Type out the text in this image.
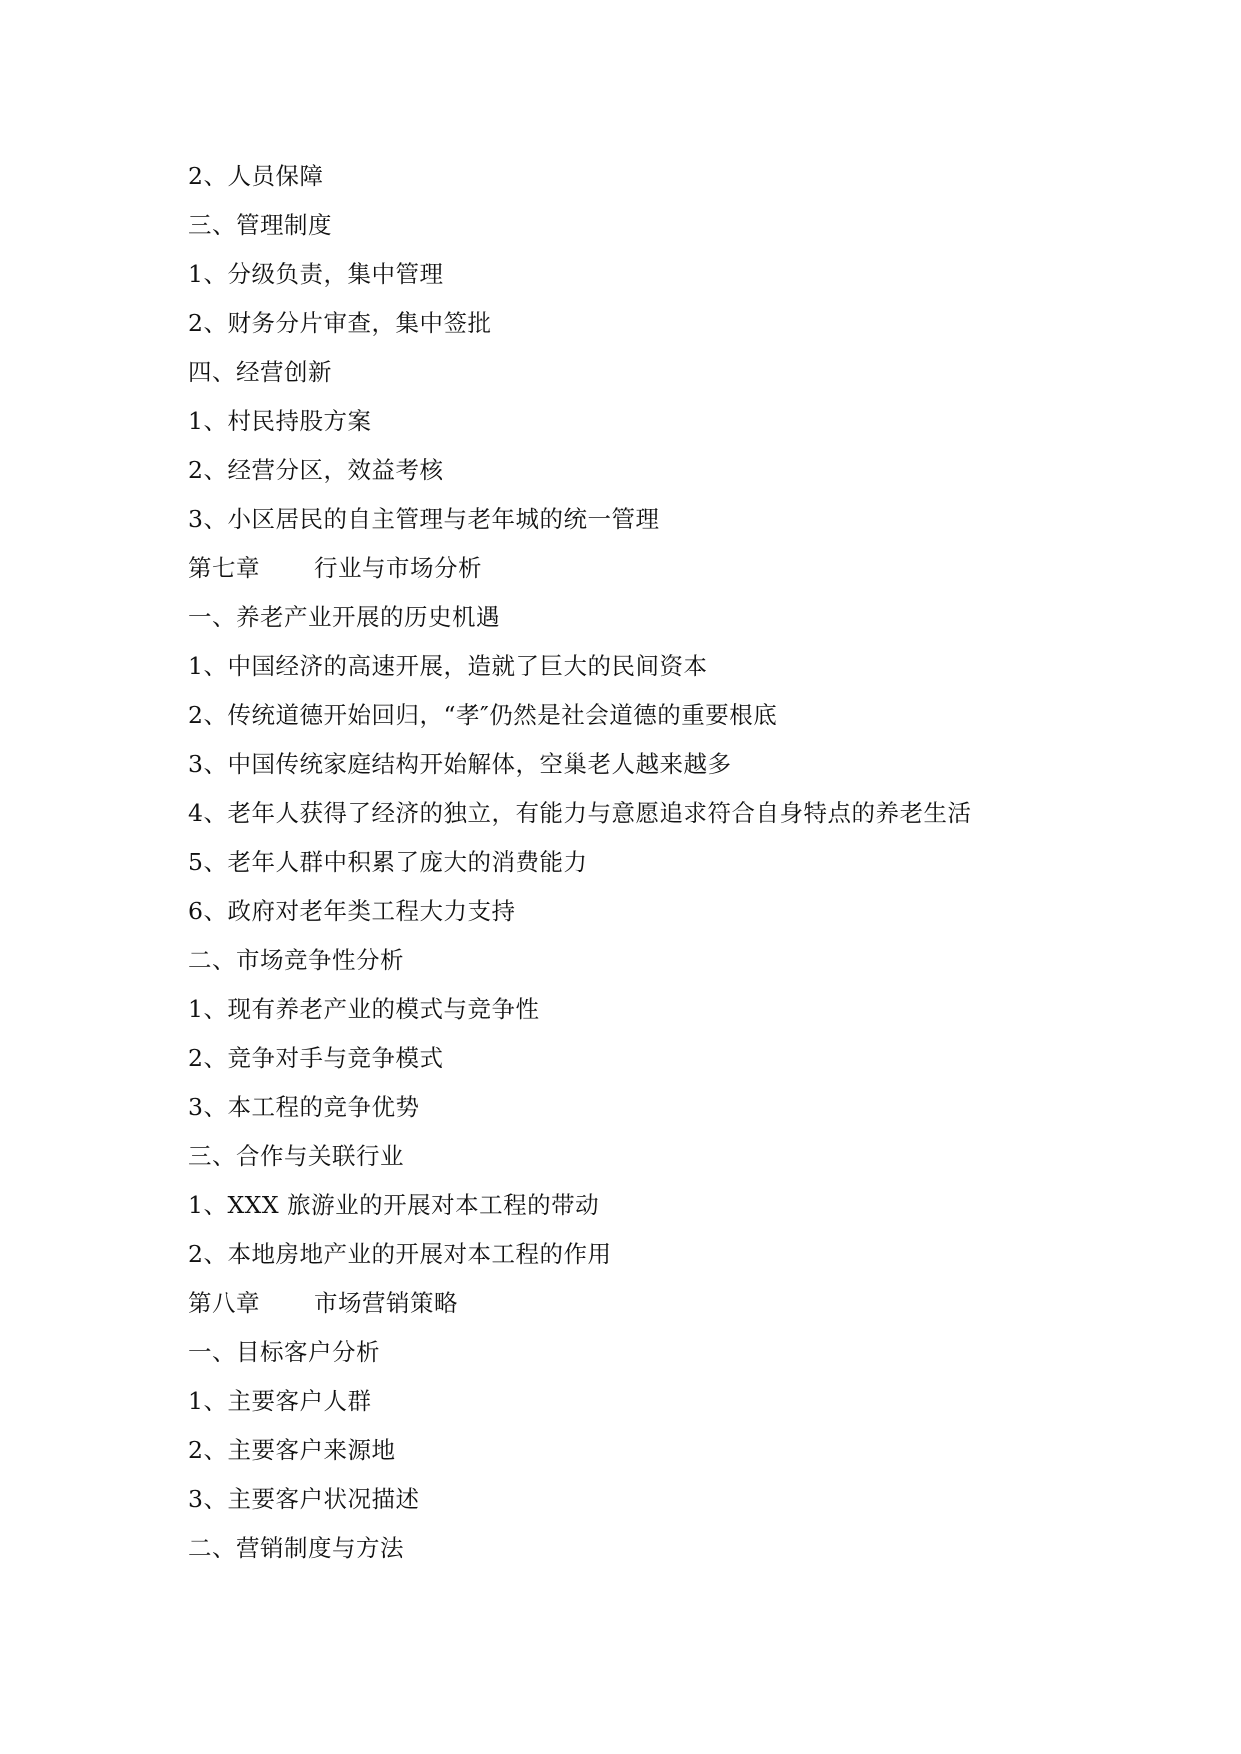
2、人员保障
三、管理制度
1、分级负责，集中管理
2、财务分片审查，集中签批
四、经营创新
1、村民持股方案
2、经营分区，效益考核
3、小区居民的自主管理与老年城的统一管理
第七章 行业与市场分析
一、养老产业开展的历史机遇
1、中国经济的高速开展，造就了巨大的民间资本
2、传统道德开始回归，“孝″仍然是社会道德的重要根底
3、中国传统家庭结构开始解体，空巢老人越来越多
4、老年人获得了经济的独立，有能力与意愿追求符合自身特点的养老生活
5、老年人群中积累了庞大的消费能力
6、政府对老年类工程大力支持
二、市场竞争性分析
1、现有养老产业的模式与竞争性
2、竞争对手与竞争模式
3、本工程的竞争优势
三、合作与关联行业
1、XXX 旅游业的开展对本工程的带动
2、本地房地产业的开展对本工程的作用
第八章 市场营销策略
一、目标客户分析
1、主要客户人群
2、主要客户来源地
3、主要客户状况描述
二、营销制度与方法
